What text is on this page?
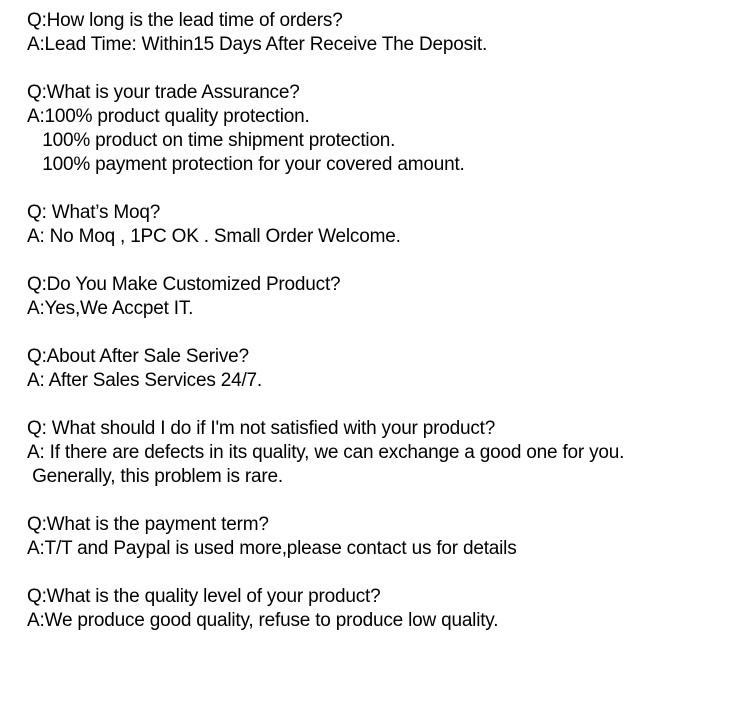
Q:How long is the lead time of orders?
A:Lead Time: Within15 Days After Receive The Deposit.
Q:What is your trade Assurance?
A:100% product quality protection.
100% product on time shipment protection.
100% payment protection for your covered amount.
Q: What’s Moq?
A: No Moq , 1PC OK . Small Order Welcome.
Q:Do You Make Customized Product?
A:Yes,We Accpet IT.
Q:About After Sale Serive?
A: After Sales Services 24/7.
Q: What should I do if I'm not satisfied with your product?
A: If there are defects in its quality, we can exchange a good one for you.
Generally, this problem is rare.
Q:What is the payment term?
A:T/T and Paypal is used more,please contact us for details
Q:What is the quality level of your product?
A:We produce good quality, refuse to produce low quality.
